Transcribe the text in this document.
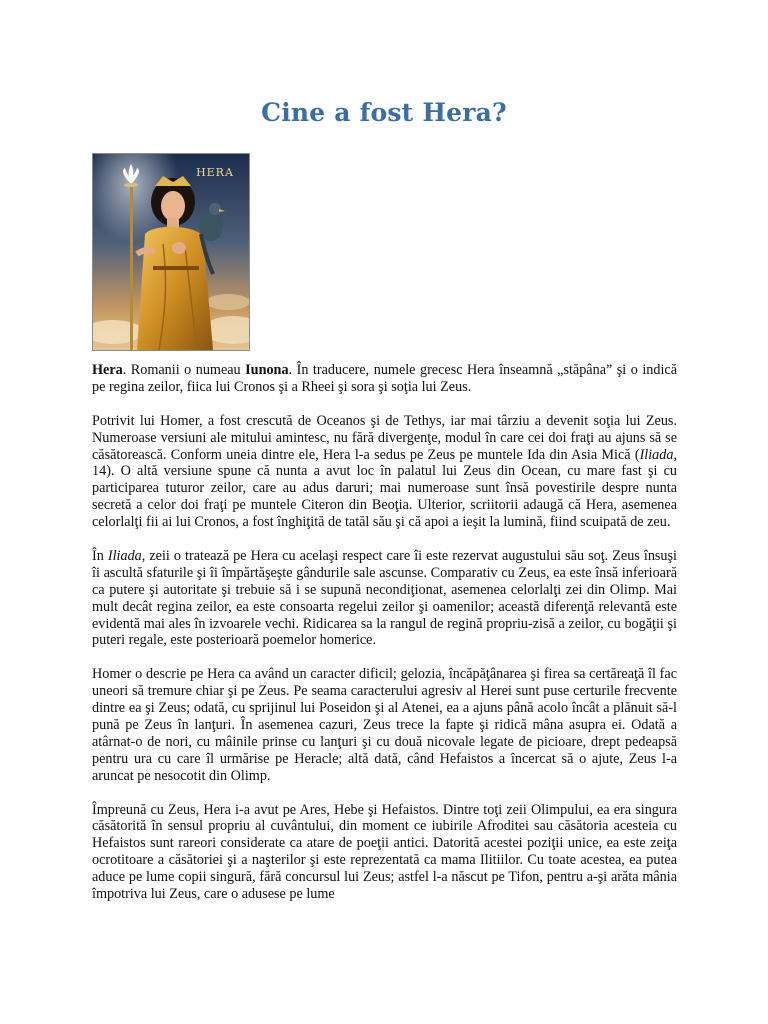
Cine a fost Hera?
HERA

Hera. Romanii o numeau Iunona. În traducere, numele grecesc Hera înseamnă „stăpâna” şi o indică pe regina zeilor, fiica lui Cronos şi a Rheei şi sora şi soţia lui Zeus.

Potrivit lui Homer, a fost crescută de Oceanos şi de Tethys, iar mai târziu a devenit soţia lui Zeus. Numeroase versiuni ale mitului amintesc, nu fără divergenţe, modul în care cei doi fraţi au ajuns să se căsătorească. Conform uneia dintre ele, Hera l-a sedus pe Zeus pe muntele Ida din Asia Mică (Iliada, 14). O altă versiune spune că nunta a avut loc în palatul lui Zeus din Ocean, cu mare fast şi cu participarea tuturor zeilor, care au adus daruri; mai numeroase sunt însă povestirile despre nunta secretă a celor doi fraţi pe muntele Citeron din Beoţia. Ulterior, scriitorii adaugă că Hera, asemenea celorlalţi fii ai lui Cronos, a fost înghiţită de tatăl său şi că apoi a ieşit la lumină, fiind scuipată de zeu.

În Iliada, zeii o tratează pe Hera cu acelaşi respect care îi este rezervat augustului său soţ. Zeus însuşi îi ascultă sfaturile şi îi împărtăşeşte gândurile sale ascunse. Comparativ cu Zeus, ea este însă inferioară ca putere şi autoritate şi trebuie să i se supună necondiţionat, asemenea celorlalţi zei din Olimp. Mai mult decât regina zeilor, ea este consoarta regelui zeilor şi oamenilor; această diferenţă relevantă este evidentă mai ales în izvoarele vechi. Ridicarea sa la rangul de regină propriu-zisă a zeilor, cu bogăţii şi puteri regale, este posterioară poemelor homerice.

Homer o descrie pe Hera ca având un caracter dificil; gelozia, încăpăţânarea şi firea sa certăreaţă îl fac uneori să tremure chiar şi pe Zeus. Pe seama caracterului agresiv al Herei sunt puse certurile frecvente dintre ea şi Zeus; odată, cu sprijinul lui Poseidon şi al Atenei, ea a ajuns până acolo încât a plănuit să-l pună pe Zeus în lanţuri. În asemenea cazuri, Zeus trece la fapte şi ridică mâna asupra ei. Odată a atârnat-o de nori, cu mâinile prinse cu lanţuri şi cu două nicovale legate de picioare, drept pedeapsă pentru ura cu care îl urmărise pe Heracle; altă dată, când Hefaistos a încercat să o ajute, Zeus l-a aruncat pe nesocotit din Olimp.

Împreună cu Zeus, Hera i-a avut pe Ares, Hebe şi Hefaistos. Dintre toţi zeii Olimpului, ea era singura căsătorită în sensul propriu al cuvântului, din moment ce iubirile Afroditei sau căsătoria acesteia cu Hefaistos sunt rareori considerate ca atare de poeţii antici. Datorită acestei poziţii unice, ea este zeiţa ocrotitoare a căsătoriei şi a naşterilor şi este reprezentată ca mama Ilitiilor. Cu toate acestea, ea putea aduce pe lume copii singură, fără concursul lui Zeus; astfel l-a născut pe Tifon, pentru a-şi arăta mânia împotriva lui Zeus, care o adusese pe lume
